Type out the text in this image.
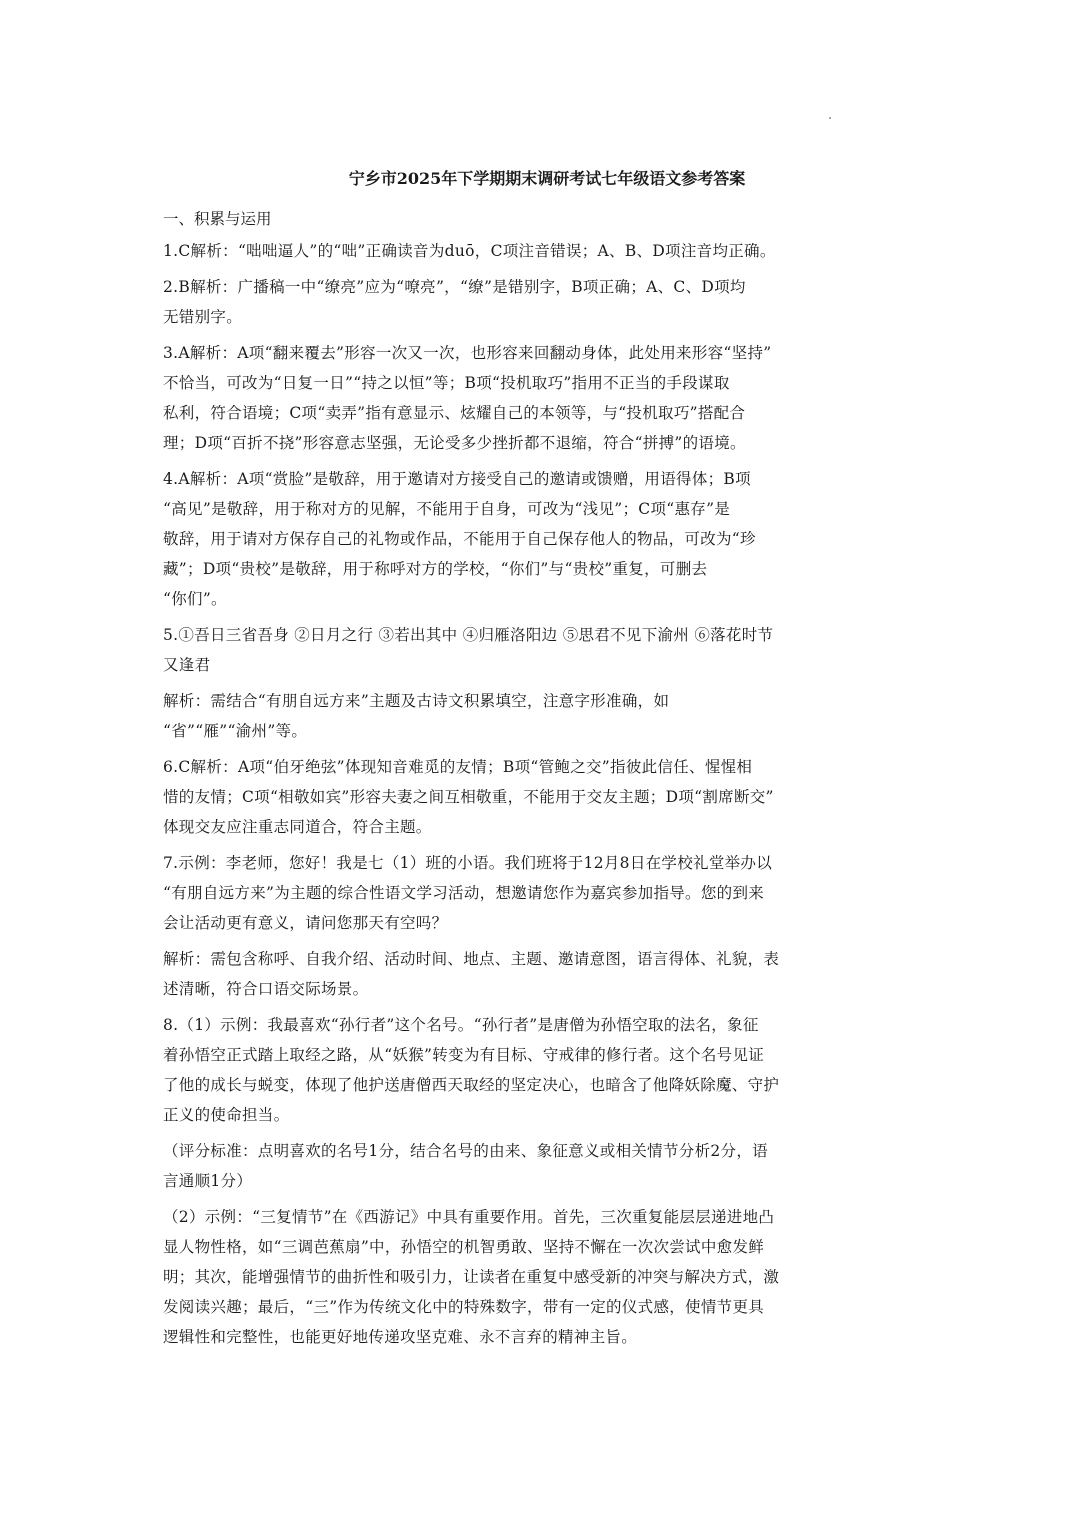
宁乡市2025年下学期期末调研考试七年级语文参考答案
一、积累与运用
1.C解析：“咄咄逼人”的“咄”正确读音为duō，C项注音错误；A、B、D项注音均正确。
2.B解析：广播稿一中“缭亮”应为“嘹亮”，“缭”是错别字，B项正确；A、C、D项均
无错别字。
3.A解析：A项“翻来覆去”形容一次又一次，也形容来回翻动身体，此处用来形容“坚持”
不恰当，可改为“日复一日”“持之以恒”等；B项“投机取巧”指用不正当的手段谋取
私利，符合语境；C项“卖弄”指有意显示、炫耀自己的本领等，与“投机取巧”搭配合
理；D项“百折不挠”形容意志坚强，无论受多少挫折都不退缩，符合“拼搏”的语境。
4.A解析：A项“赏脸”是敬辞，用于邀请对方接受自己的邀请或馈赠，用语得体；B项
“高见”是敬辞，用于称对方的见解，不能用于自身，可改为“浅见”；C项“惠存”是
敬辞，用于请对方保存自己的礼物或作品，不能用于自己保存他人的物品，可改为“珍
藏”；D项“贵校”是敬辞，用于称呼对方的学校，“你们”与“贵校”重复，可删去
“你们”。
5.①吾日三省吾身 ②日月之行 ③若出其中 ④归雁洛阳边 ⑤思君不见下渝州 ⑥落花时节
又逢君
解析：需结合“有朋自远方来”主题及古诗文积累填空，注意字形准确，如
“省”“雁”“渝州”等。
6.C解析：A项“伯牙绝弦”体现知音难觅的友情；B项“管鲍之交”指彼此信任、惺惺相
惜的友情；C项“相敬如宾”形容夫妻之间互相敬重，不能用于交友主题；D项“割席断交”
体现交友应注重志同道合，符合主题。
7.示例：李老师，您好！我是七（1）班的小语。我们班将于12月8日在学校礼堂举办以
“有朋自远方来”为主题的综合性语文学习活动，想邀请您作为嘉宾参加指导。您的到来
会让活动更有意义，请问您那天有空吗？
解析：需包含称呼、自我介绍、活动时间、地点、主题、邀请意图，语言得体、礼貌，表
述清晰，符合口语交际场景。
8.（1）示例：我最喜欢“孙行者”这个名号。“孙行者”是唐僧为孙悟空取的法名，象征
着孙悟空正式踏上取经之路，从“妖猴”转变为有目标、守戒律的修行者。这个名号见证
了他的成长与蜕变，体现了他护送唐僧西天取经的坚定决心，也暗含了他降妖除魔、守护
正义的使命担当。
（评分标准：点明喜欢的名号1分，结合名号的由来、象征意义或相关情节分析2分，语
言通顺1分）
（2）示例：“三复情节”在《西游记》中具有重要作用。首先，三次重复能层层递进地凸
显人物性格，如“三调芭蕉扇”中，孙悟空的机智勇敢、坚持不懈在一次次尝试中愈发鲜
明；其次，能增强情节的曲折性和吸引力，让读者在重复中感受新的冲突与解决方式，激
发阅读兴趣；最后，“三”作为传统文化中的特殊数字，带有一定的仪式感，使情节更具
逻辑性和完整性，也能更好地传递攻坚克难、永不言弃的精神主旨。
